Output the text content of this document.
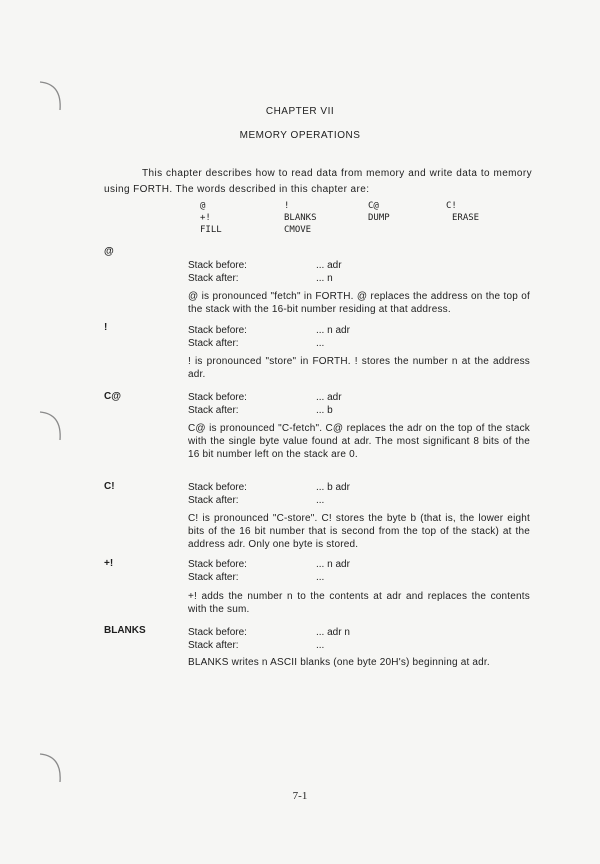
CHAPTER VII
MEMORY OPERATIONS

This chapter describes how to read data from memory and write data to memory using FORTH. The words described in this chapter are:

@	!	C@	C!
+!	BLANKS	DUMP	ERASE
FILL	CMOVE
@
Stack before:	... adr
Stack after:	... n
@ is pronounced "fetch" in FORTH. @ replaces the address on the top of the stack with the 16-bit number residing at that address.
!	Stack before:	... n adr
Stack after:	...
! is pronounced "store" in FORTH. ! stores the number n at the address adr.
C@	Stack before:	... adr
Stack after:	... b
C@ is pronounced "C-fetch". C@ replaces the adr on the top of the stack with the single byte value found at adr. The most significant 8 bits of the 16 bit number left on the stack are 0.
C!	Stack before:	... b adr
Stack after:	...
C! is pronounced "C-store". C! stores the byte b (that is, the lower eight bits of the 16 bit number that is second from the top of the stack) at the address adr. Only one byte is stored.
+!	Stack before:	... n adr
Stack after:	...
+! adds the number n to the contents at adr and replaces the contents with the sum.
BLANKS	Stack before:	... adr n
Stack after:	...
BLANKS writes n ASCII blanks (one byte 20H's) beginning at adr.
7-1
